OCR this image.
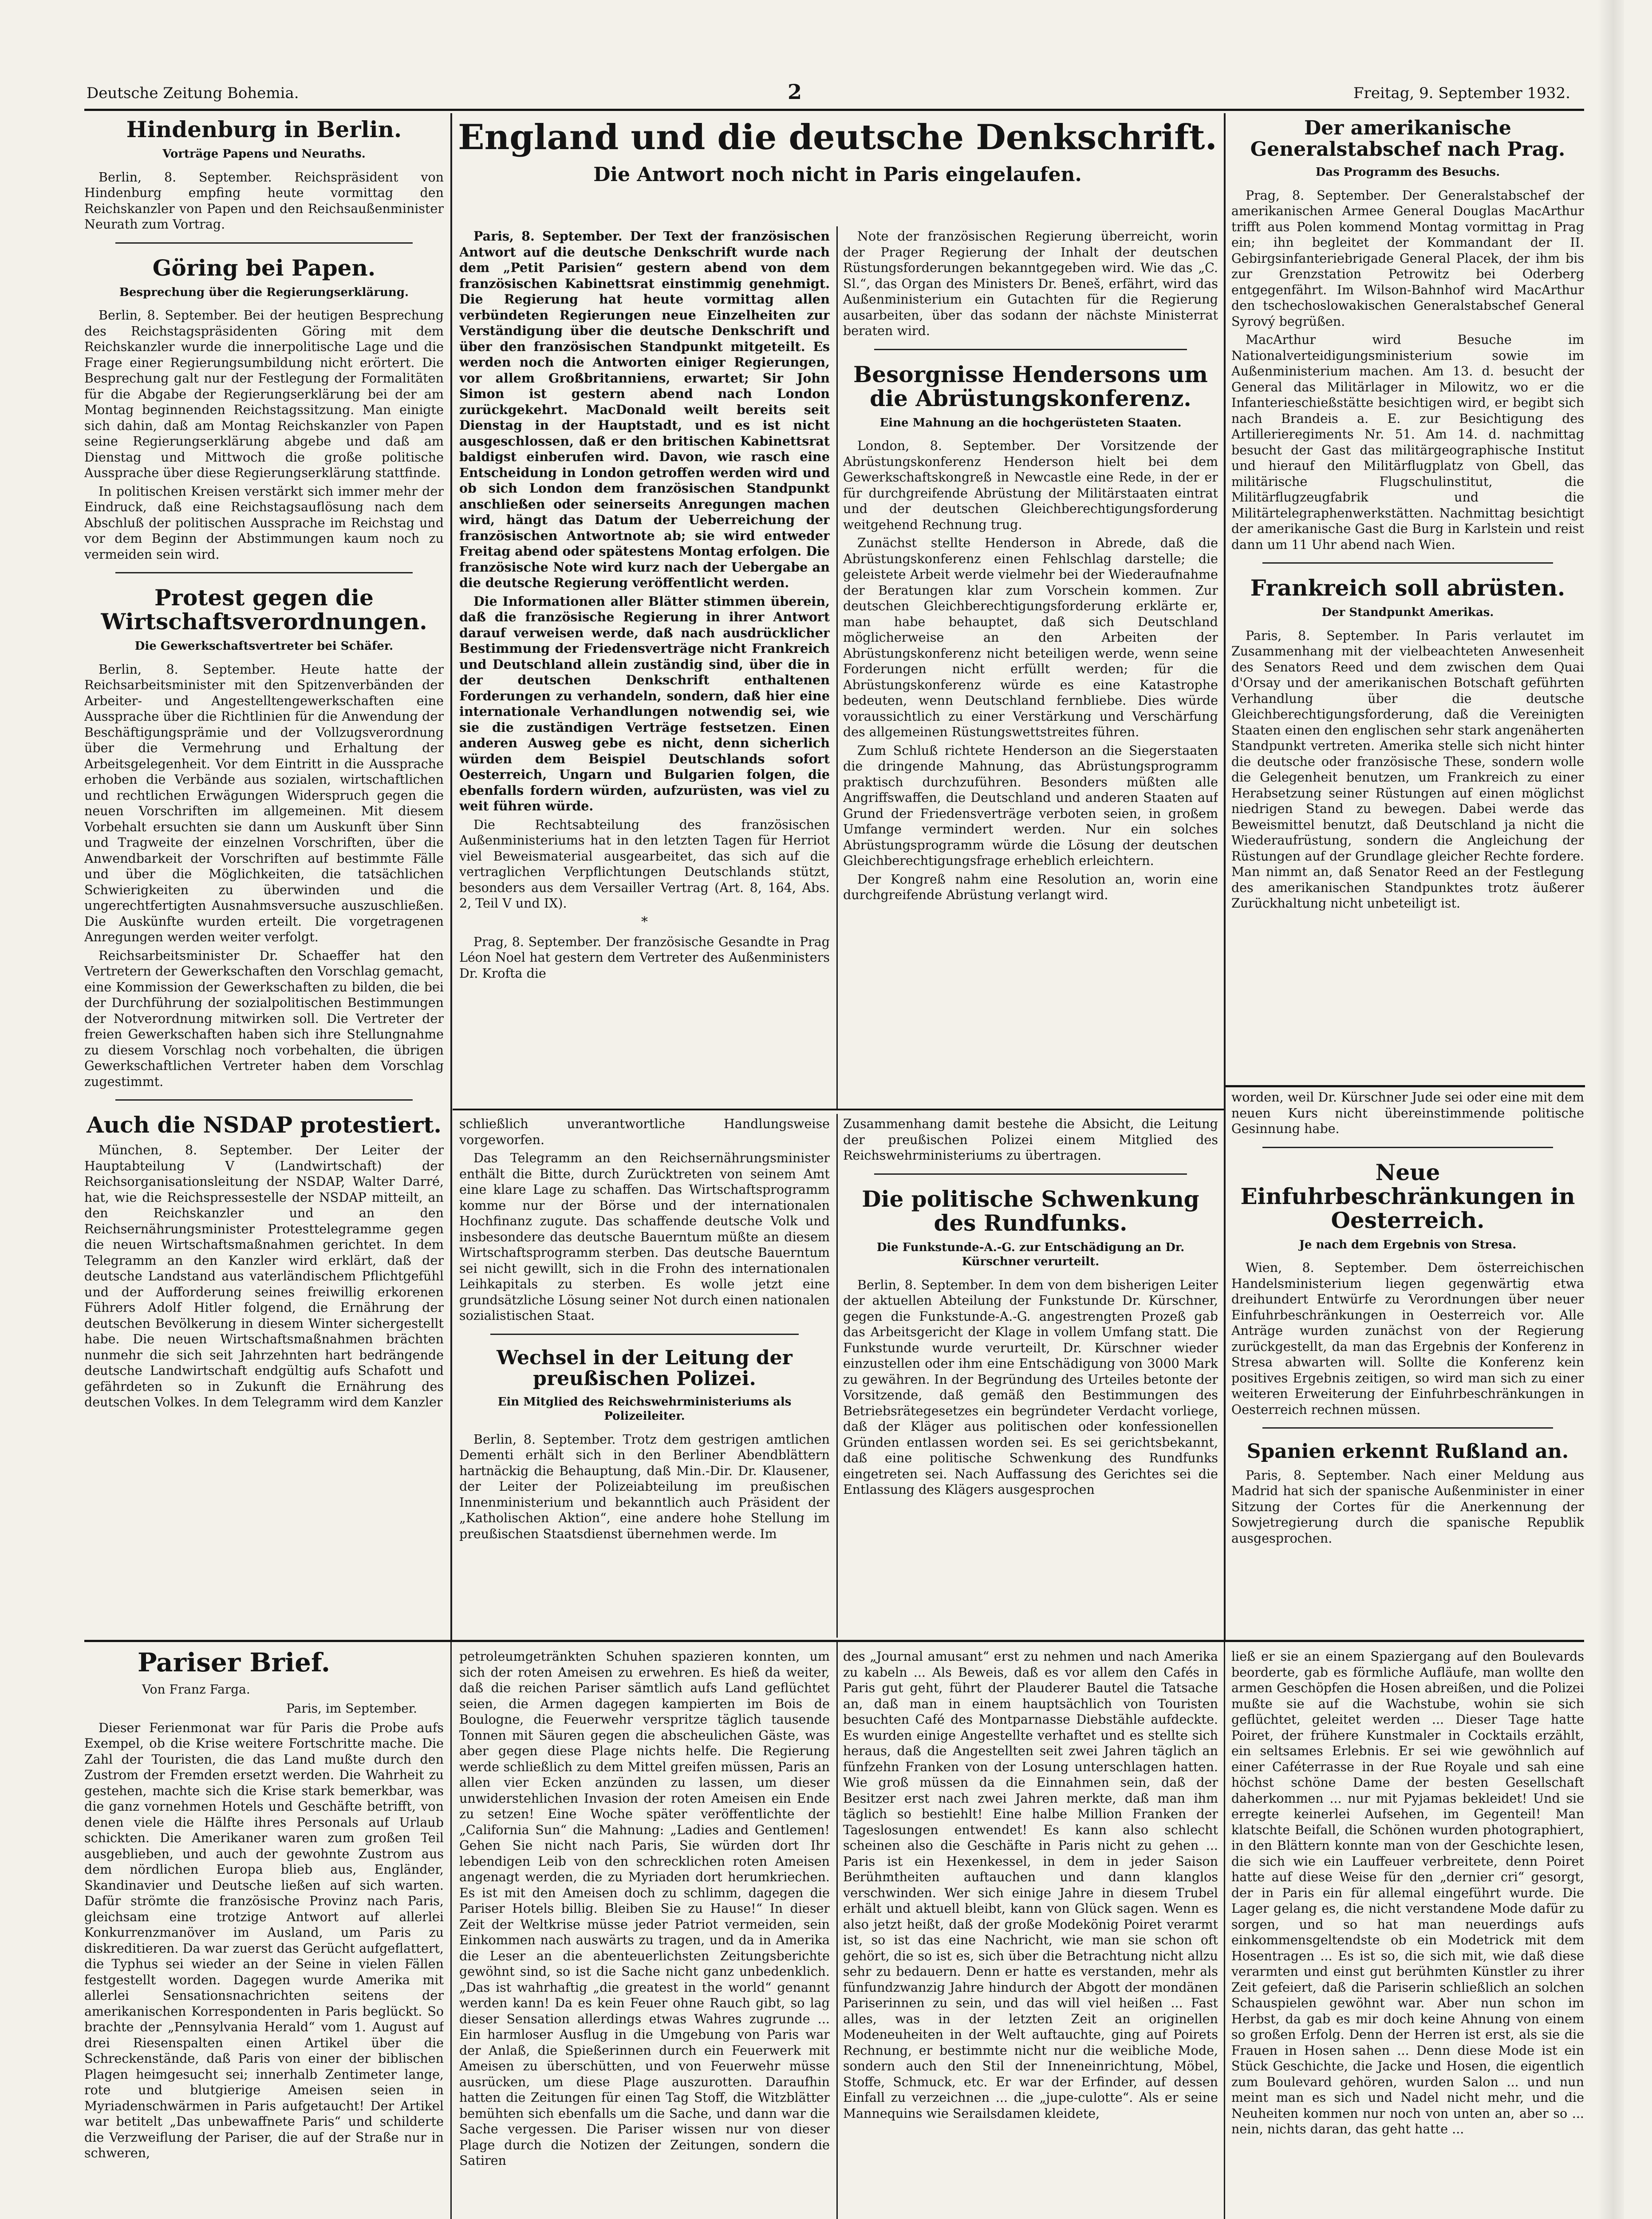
Deutsche Zeitung Bohemia.	2	Freitag, 9. September 1932.
Hindenburg in Berlin.
Vorträge Papens und Neuraths.

Berlin, 8. September. Reichspräsident von Hindenburg empfing heute vormittag den Reichskanzler von Papen und den Reichsaußenminister Neurath zum Vortrag.

Göring bei Papen.
Besprechung über die Regierungserklärung.

Berlin, 8. September. Bei der heutigen Besprechung des Reichstagspräsidenten Göring mit dem Reichskanzler wurde die innerpolitische Lage und die Frage einer Regierungsumbildung nicht erörtert. Die Besprechung galt nur der Festlegung der Formalitäten für die Abgabe der Regierungserklärung bei der am Montag beginnenden Reichstagssitzung. Man einigte sich dahin, daß am Montag Reichskanzler von Papen seine Regierungserklärung abgebe und daß am Dienstag und Mittwoch die große politische Aussprache über diese Regierungserklärung stattfinde.

In politischen Kreisen verstärkt sich immer mehr der Eindruck, daß eine Reichstagsauflösung nach dem Abschluß der politischen Aussprache im Reichstag und vor dem Beginn der Abstimmungen kaum noch zu vermeiden sein wird.

Protest gegen die Wirtschaftsverordnungen.
Die Gewerkschaftsvertreter bei Schäfer.

Berlin, 8. September. Heute hatte der Reichsarbeitsminister mit den Spitzenverbänden der Arbeiter- und Angestelltengewerkschaften eine Aussprache über die Richtlinien für die Anwendung der Beschäftigungsprämie und der Vollzugsverordnung über die Vermehrung und Erhaltung der Arbeitsgelegenheit. Vor dem Eintritt in die Aussprache erhoben die Verbände aus sozialen, wirtschaftlichen und rechtlichen Erwägungen Widerspruch gegen die neuen Vorschriften im allgemeinen. Mit diesem Vorbehalt ersuchten sie dann um Auskunft über Sinn und Tragweite der einzelnen Vorschriften, über die Anwendbarkeit der Vorschriften auf bestimmte Fälle und über die Möglichkeiten, die tatsächlichen Schwierigkeiten zu überwinden und die ungerechtfertigten Ausnahmsversuche auszuschließen. Die Auskünfte wurden erteilt. Die vorgetragenen Anregungen werden weiter verfolgt.

Reichsarbeitsminister Dr. Schaeffer hat den Vertretern der Gewerkschaften den Vorschlag gemacht, eine Kommission der Gewerkschaften zu bilden, die bei der Durchführung der sozialpolitischen Bestimmungen der Notverordnung mitwirken soll. Die Vertreter der freien Gewerkschaften haben sich ihre Stellungnahme zu diesem Vorschlag noch vorbehalten, die übrigen Gewerkschaftlichen Vertreter haben dem Vorschlag zugestimmt.

Auch die NSDAP protestiert.

München, 8. September. Der Leiter der Hauptabteilung V (Landwirtschaft) der Reichsorganisationsleitung der NSDAP, Walter Darré, hat, wie die Reichspressestelle der NSDAP mitteilt, an den Reichskanzler und an den Reichsernährungsminister Protesttelegramme gegen die neuen Wirtschaftsmaßnahmen gerichtet. In dem Telegramm an den Kanzler wird erklärt, daß der deutsche Landstand aus vaterländischem Pflichtgefühl und der Aufforderung seines freiwillig erkorenen Führers Adolf Hitler folgend, die Ernährung der deutschen Bevölkerung in diesem Winter sichergestellt habe. Die neuen Wirtschaftsmaßnahmen brächten nunmehr die sich seit Jahrzehnten hart bedrängende deutsche Landwirtschaft endgültig aufs Schafott und gefährdeten so in Zukunft die Ernährung des deutschen Volkes. In dem Telegramm wird dem Kanzler

England und die deutsche Denkschrift.
Die Antwort noch nicht in Paris eingelaufen.

Paris, 8. September. Der Text der französischen Antwort auf die deutsche Denkschrift wurde nach dem „Petit Parisien“ gestern abend von dem französischen Kabinettsrat einstimmig genehmigt. Die Regierung hat heute vormittag allen verbündeten Regierungen neue Einzelheiten zur Verständigung über die deutsche Denkschrift und über den französischen Standpunkt mitgeteilt. Es werden noch die Antworten einiger Regierungen, vor allem Großbritanniens, erwartet; Sir John Simon ist gestern abend nach London zurückgekehrt. MacDonald weilt bereits seit Dienstag in der Hauptstadt, und es ist nicht ausgeschlossen, daß er den britischen Kabinettsrat baldigst einberufen wird. Davon, wie rasch eine Entscheidung in London getroffen werden wird und ob sich London dem französischen Standpunkt anschließen oder seinerseits Anregungen machen wird, hängt das Datum der Ueberreichung der französischen Antwortnote ab; sie wird entweder Freitag abend oder spätestens Montag erfolgen. Die französische Note wird kurz nach der Uebergabe an die deutsche Regierung veröffentlicht werden.

Die Informationen aller Blätter stimmen überein, daß die französische Regierung in ihrer Antwort darauf verweisen werde, daß nach ausdrücklicher Bestimmung der Friedensverträge nicht Frankreich und Deutschland allein zuständig sind, über die in der deutschen Denkschrift enthaltenen Forderungen zu verhandeln, sondern, daß hier eine internationale Verhandlungen notwendig sei, wie sie die zuständigen Verträge festsetzen. Einen anderen Ausweg gebe es nicht, denn sicherlich würden dem Beispiel Deutschlands sofort Oesterreich, Ungarn und Bulgarien folgen, die ebenfalls fordern würden, aufzurüsten, was viel zu weit führen würde.

Die Rechtsabteilung des französischen Außenministeriums hat in den letzten Tagen für Herriot viel Beweismaterial ausgearbeitet, das sich auf die vertraglichen Verpflichtungen Deutschlands stützt, besonders aus dem Versailler Vertrag (Art. 8, 164, Abs. 2, Teil V und IX).

*

Prag, 8. September. Der französische Gesandte in Prag Léon Noel hat gestern dem Vertreter des Außenministers Dr. Krofta die

Note der französischen Regierung überreicht, worin der Prager Regierung der Inhalt der deutschen Rüstungsforderungen bekanntgegeben wird. Wie das „C. Sl.“, das Organ des Ministers Dr. Beneš, erfährt, wird das Außenministerium ein Gutachten für die Regierung ausarbeiten, über das sodann der nächste Ministerrat beraten wird.

Besorgnisse Hendersons um die Abrüstungskonferenz.
Eine Mahnung an die hochgerüsteten Staaten.

London, 8. September. Der Vorsitzende der Abrüstungskonferenz Henderson hielt bei dem Gewerkschaftskongreß in Newcastle eine Rede, in der er für durchgreifende Abrüstung der Militärstaaten eintrat und der deutschen Gleichberechtigungsforderung weitgehend Rechnung trug.

Zunächst stellte Henderson in Abrede, daß die Abrüstungskonferenz einen Fehlschlag darstelle; die geleistete Arbeit werde vielmehr bei der Wiederaufnahme der Beratungen klar zum Vorschein kommen. Zur deutschen Gleichberechtigungsforderung erklärte er, man habe behauptet, daß sich Deutschland möglicherweise an den Arbeiten der Abrüstungskonferenz nicht beteiligen werde, wenn seine Forderungen nicht erfüllt werden; für die Abrüstungskonferenz würde es eine Katastrophe bedeuten, wenn Deutschland fernbliebe. Dies würde voraussichtlich zu einer Verstärkung und Verschärfung des allgemeinen Rüstungswettstreites führen.

Zum Schluß richtete Henderson an die Siegerstaaten die dringende Mahnung, das Abrüstungsprogramm praktisch durchzuführen. Besonders müßten alle Angriffswaffen, die Deutschland und anderen Staaten auf Grund der Friedensverträge verboten seien, in großem Umfange vermindert werden. Nur ein solches Abrüstungsprogramm würde die Lösung der deutschen Gleichberechtigungsfrage erheblich erleichtern.

Der Kongreß nahm eine Resolution an, worin eine durchgreifende Abrüstung verlangt wird.

schließlich unverantwortliche Handlungsweise vorgeworfen.

Das Telegramm an den Reichsernährungsminister enthält die Bitte, durch Zurücktreten von seinem Amt eine klare Lage zu schaffen. Das Wirtschaftsprogramm komme nur der Börse und der internationalen Hochfinanz zugute. Das schaffende deutsche Volk und insbesondere das deutsche Bauerntum müßte an diesem Wirtschaftsprogramm sterben. Das deutsche Bauerntum sei nicht gewillt, sich in die Frohn des internationalen Leihkapitals zu sterben. Es wolle jetzt eine grundsätzliche Lösung seiner Not durch einen nationalen sozialistischen Staat.

Wechsel in der Leitung der preußischen Polizei.
Ein Mitglied des Reichswehrministeriums als Polizeileiter.

Berlin, 8. September. Trotz dem gestrigen amtlichen Dementi erhält sich in den Berliner Abendblättern hartnäckig die Behauptung, daß Min.-Dir. Dr. Klausener, der Leiter der Polizeiabteilung im preußischen Innenministerium und bekanntlich auch Präsident der „Katholischen Aktion“, eine andere hohe Stellung im preußischen Staatsdienst übernehmen werde. Im

Zusammenhang damit bestehe die Absicht, die Leitung der preußischen Polizei einem Mitglied des Reichswehrministeriums zu übertragen.

Die politische Schwenkung des Rundfunks.
Die Funkstunde-A.-G. zur Entschädigung an Dr. Kürschner verurteilt.

Berlin, 8. September. In dem von dem bisherigen Leiter der aktuellen Abteilung der Funkstunde Dr. Kürschner, gegen die Funkstunde-A.-G. angestrengten Prozeß gab das Arbeitsgericht der Klage in vollem Umfang statt. Die Funkstunde wurde verurteilt, Dr. Kürschner wieder einzustellen oder ihm eine Entschädigung von 3000 Mark zu gewähren. In der Begründung des Urteiles betonte der Vorsitzende, daß gemäß den Bestimmungen des Betriebsrätegesetzes ein begründeter Verdacht vorliege, daß der Kläger aus politischen oder konfessionellen Gründen entlassen worden sei. Es sei gerichtsbekannt, daß eine politische Schwenkung des Rundfunks eingetreten sei. Nach Auffassung des Gerichtes sei die Entlassung des Klägers ausgesprochen

Der amerikanische Generalstabschef nach Prag.
Das Programm des Besuchs.

Prag, 8. September. Der Generalstabschef der amerikanischen Armee General Douglas MacArthur trifft aus Polen kommend Montag vormittag in Prag ein; ihn begleitet der Kommandant der II. Gebirgsinfanteriebrigade General Placek, der ihm bis zur Grenzstation Petrowitz bei Oderberg entgegenfährt. Im Wilson-Bahnhof wird MacArthur den tschechoslowakischen Generalstabschef General Syrový begrüßen.

MacArthur wird Besuche im Nationalverteidigungsministerium sowie im Außenministerium machen. Am 13. d. besucht der General das Militärlager in Milowitz, wo er die Infanterieschießstätte besichtigen wird, er begibt sich nach Brandeis a. E. zur Besichtigung des Artillerieregiments Nr. 51. Am 14. d. nachmittag besucht der Gast das militärgeographische Institut und hierauf den Militärflugplatz von Gbell, das militärische Flugschulinstitut, die Militärflugzeugfabrik und die Militärtelegraphenwerkstätten. Nachmittag besichtigt der amerikanische Gast die Burg in Karlstein und reist dann um 11 Uhr abend nach Wien.

Frankreich soll abrüsten.
Der Standpunkt Amerikas.

Paris, 8. September. In Paris verlautet im Zusammenhang mit der vielbeachteten Anwesenheit des Senators Reed und dem zwischen dem Quai d'Orsay und der amerikanischen Botschaft geführten Verhandlung über die deutsche Gleichberechtigungsforderung, daß die Vereinigten Staaten einen den englischen sehr stark angenäherten Standpunkt vertreten. Amerika stelle sich nicht hinter die deutsche oder französische These, sondern wolle die Gelegenheit benutzen, um Frankreich zu einer Herabsetzung seiner Rüstungen auf einen möglichst niedrigen Stand zu bewegen. Dabei werde das Beweismittel benutzt, daß Deutschland ja nicht die Wiederaufrüstung, sondern die Angleichung der Rüstungen auf der Grundlage gleicher Rechte fordere. Man nimmt an, daß Senator Reed an der Festlegung des amerikanischen Standpunktes trotz äußerer Zurückhaltung nicht unbeteiligt ist.

worden, weil Dr. Kürschner Jude sei oder eine mit dem neuen Kurs nicht übereinstimmende politische Gesinnung habe.

Neue Einfuhrbeschränkungen in Oesterreich.
Je nach dem Ergebnis von Stresa.

Wien, 8. September. Dem österreichischen Handelsministerium liegen gegenwärtig etwa dreihundert Entwürfe zu Verordnungen über neuer Einfuhrbeschränkungen in Oesterreich vor. Alle Anträge wurden zunächst von der Regierung zurückgestellt, da man das Ergebnis der Konferenz in Stresa abwarten will. Sollte die Konferenz kein positives Ergebnis zeitigen, so wird man sich zu einer weiteren Erweiterung der Einfuhrbeschränkungen in Oesterreich rechnen müssen.

Spanien erkennt Rußland an.

Paris, 8. September. Nach einer Meldung aus Madrid hat sich der spanische Außenminister in einer Sitzung der Cortes für die Anerkennung der Sowjetregierung durch die spanische Republik ausgesprochen.

Pariser Brief.
Von Franz Farga.
Paris, im September.

Dieser Ferienmonat war für Paris die Probe aufs Exempel, ob die Krise weitere Fortschritte mache. Die Zahl der Touristen, die das Land mußte durch den Zustrom der Fremden ersetzt werden. Die Wahrheit zu gestehen, machte sich die Krise stark bemerkbar, was die ganz vornehmen Hotels und Geschäfte betrifft, von denen viele die Hälfte ihres Personals auf Urlaub schickten. Die Amerikaner waren zum großen Teil ausgeblieben, und auch der gewohnte Zustrom aus dem nördlichen Europa blieb aus, Engländer, Skandinavier und Deutsche ließen auf sich warten. Dafür strömte die französische Provinz nach Paris, gleichsam eine trotzige Antwort auf allerlei Konkurrenzmanöver im Ausland, um Paris zu diskreditieren. Da war zuerst das Gerücht aufgeflattert, die Typhus sei wieder an der Seine in vielen Fällen festgestellt worden. Dagegen wurde Amerika mit allerlei Sensationsnachrichten seitens der amerikanischen Korrespondenten in Paris beglückt. So brachte der „Pennsylvania Herald“ vom 1. August auf drei Riesenspalten einen Artikel über die Schreckenstände, daß Paris von einer der biblischen Plagen heimgesucht sei; innerhalb Zentimeter lange, rote und blutgierige Ameisen seien in Myriadenschwärmen in Paris aufgetaucht! Der Artikel war betitelt „Das unbewaffnete Paris“ und schilderte die Verzweiflung der Pariser, die auf der Straße nur in schweren,

petroleumgetränkten Schuhen spazieren konnten, um sich der roten Ameisen zu erwehren. Es hieß da weiter, daß die reichen Pariser sämtlich aufs Land geflüchtet seien, die Armen dagegen kampierten im Bois de Boulogne, die Feuerwehr verspritze täglich tausende Tonnen mit Säuren gegen die abscheulichen Gäste, was aber gegen diese Plage nichts helfe. Die Regierung werde schließlich zu dem Mittel greifen müssen, Paris an allen vier Ecken anzünden zu lassen, um dieser unwiderstehlichen Invasion der roten Ameisen ein Ende zu setzen! Eine Woche später veröffentlichte der „California Sun“ die Mahnung: „Ladies and Gentlemen! Gehen Sie nicht nach Paris, Sie würden dort Ihr lebendigen Leib von den schrecklichen roten Ameisen angenagt werden, die zu Myriaden dort herumkriechen. Es ist mit den Ameisen doch zu schlimm, dagegen die Pariser Hotels billig. Bleiben Sie zu Hause!“ In dieser Zeit der Weltkrise müsse jeder Patriot vermeiden, sein Einkommen nach auswärts zu tragen, und da in Amerika die Leser an die abenteuerlichsten Zeitungsberichte gewöhnt sind, so ist die Sache nicht ganz unbedenklich. „Das ist wahrhaftig „die greatest in the world“ genannt werden kann! Da es kein Feuer ohne Rauch gibt, so lag dieser Sensation allerdings etwas Wahres zugrunde ... Ein harmloser Ausflug in die Umgebung von Paris war der Anlaß, die Spießerinnen durch ein Feuerwerk mit Ameisen zu überschütten, und von Feuerwehr müsse ausrücken, um diese Plage auszurotten. Daraufhin hatten die Zeitungen für einen Tag Stoff, die Witzblätter bemühten sich ebenfalls um die Sache, und dann war die Sache vergessen. Die Pariser wissen nur von dieser Plage durch die Notizen der Zeitungen, sondern die Satiren

des „Journal amusant“ erst zu nehmen und nach Amerika zu kabeln ... Als Beweis, daß es vor allem den Cafés in Paris gut geht, führt der Plauderer Bautel die Tatsache an, daß man in einem hauptsächlich von Touristen besuchten Café des Montparnasse Diebstähle aufdeckte. Es wurden einige Angestellte verhaftet und es stellte sich heraus, daß die Angestellten seit zwei Jahren täglich an fünfzehn Franken von der Losung unterschlagen hatten. Wie groß müssen da die Einnahmen sein, daß der Besitzer erst nach zwei Jahren merkte, daß man ihm täglich so bestiehlt! Eine halbe Million Franken der Tageslosungen entwendet! Es kann also schlecht scheinen also die Geschäfte in Paris nicht zu gehen ... Paris ist ein Hexenkessel, in dem in jeder Saison Berühmtheiten auftauchen und dann klanglos verschwinden. Wer sich einige Jahre in diesem Trubel erhält und aktuell bleibt, kann von Glück sagen. Wenn es also jetzt heißt, daß der große Modekönig Poiret verarmt ist, so ist das eine Nachricht, wie man sie schon oft gehört, die so ist es, sich über die Betrachtung nicht allzu sehr zu bedauern. Denn er hatte es verstanden, mehr als fünfundzwanzig Jahre hindurch der Abgott der mondänen Pariserinnen zu sein, und das will viel heißen ... Fast alles, was in der letzten Zeit an originellen Modeneuheiten in der Welt auftauchte, ging auf Poirets Rechnung, er bestimmte nicht nur die weibliche Mode, sondern auch den Stil der Inneneinrichtung, Möbel, Stoffe, Schmuck, etc. Er war der Erfinder, auf dessen Einfall zu verzeichnen ... die „jupe-culotte“. Als er seine Mannequins wie Serailsdamen kleidete,

ließ er sie an einem Spaziergang auf den Boulevards beorderte, gab es förmliche Aufläufe, man wollte den armen Geschöpfen die Hosen abreißen, und die Polizei mußte sie auf die Wachstube, wohin sie sich geflüchtet, geleitet werden ... Dieser Tage hatte Poiret, der frühere Kunstmaler in Cocktails erzählt, ein seltsames Erlebnis. Er sei wie gewöhnlich auf einer Caféterrasse in der Rue Royale und sah eine höchst schöne Dame der besten Gesellschaft daherkommen ... nur mit Pyjamas bekleidet! Und sie erregte keinerlei Aufsehen, im Gegenteil! Man klatschte Beifall, die Schönen wurden photographiert, in den Blättern konnte man von der Geschichte lesen, die sich wie ein Lauffeuer verbreitete, denn Poiret hatte auf diese Weise für den „dernier cri“ gesorgt, der in Paris ein für allemal eingeführt wurde. Die Lager gelang es, die nicht verstandene Mode dafür zu sorgen, und so hat man neuerdings aufs einkommensgeltendste ob ein Modetrick mit dem Hosentragen ... Es ist so, die sich mit, wie daß diese verarmten und einst gut berühmten Künstler zu ihrer Zeit gefeiert, daß die Pariserin schließlich an solchen Schauspielen gewöhnt war. Aber nun schon im Herbst, da gab es mir doch keine Ahnung von einem so großen Erfolg. Denn der Herren ist erst, als sie die Frauen in Hosen sahen ... Denn diese Mode ist ein Stück Geschichte, die Jacke und Hosen, die eigentlich zum Boulevard gehören, wurden Salon ... und nun meint man es sich und Nadel nicht mehr, und die Neuheiten kommen nur noch von unten an, aber so ... nein, nichts daran, das geht hatte ...
